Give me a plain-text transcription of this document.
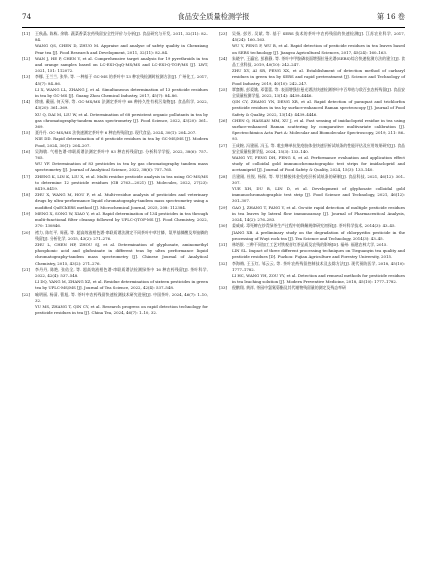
74	食品安全质量检测学报	第 16 卷
[11] 王秋晶, 陈栋, 余敏. 蔬菜香菜农药残留安全性评价与分析[J]. 食品研究与开发, 2011, 32(11): 82–84.
WANG QS, CHEN D, ZHUO M. Appraise and analyse of safety quality in Chenxiang Pear tea [J]. Food Research and Development, 2011, 32(11): 82–84.
[12] WAN J, HE P, CHEN Y, et al. Comprehensive target analysis for 19 pyrethroids in tea and orange samples based on LC-ESI-QqQ-MS/MS and LC-ESI-Q-TOF/MS [J]. LWT, 2021, 151: 112072.
[13] 李娜, 王兰兰, 张华, 等. 一种基于 GC-MS 的茶叶中 13 种农残检测时检测方法[J]. 广州化工, 2017, 45(7): 84–86.
LI X, WANG LL, ZHANG J, et al. Simultaneous determination of 13 pesticide residues in tea by GC-MS [J]. Guang Zhou Chemical Industry, 2017, 45(7): 84–86.
[14] 徐康, 戴丽, 何天琴, 等. GC-MS/MS 法测定茶叶中 68 种持久性有机污染物[J]. 食品科学, 2022, 43(20): 361–369.
XU Q, DAI M, LIU W, et al. Determination of 68 persistent organic pollutants in tea by gas chromatography-tandem mass spectrometry [J]. Food Science, 2022, 43(20): 361–369.
[15] 聂丹丹. GC-MS/MS 法快速测定茶叶中 6 种农药残留[J]. 现代食品, 2024, 30(1): 204–207.
NIE DD. Rapid determination of 6 pesticide residues in tea by GC-MS/MS [J]. Modern Food, 2024, 30(1): 204–207.
[16] 吴海敏. 气相色谱-串联质谱法测定茶叶中 83 种农药残留[J]. 分析科学学报, 2022, 38(6): 757–765.
WU YF. Determination of 83 pesticides in tea by gas chromatography tandem mass spectrometry [J]. Journal of Analytical Science, 2022, 38(6): 757–765.
[17] ZHENG K, LIN K, LIU X, et al. Multi residue pesticide analysis in tea using GC-MS/MS to determine 12 pesticide residues (GB 2763—2021) [J]. Molecules, 2022, 27(23): 8419–8419.
[18] ZHU X, WANG M, HOU F, et al. Multi-residue analysis of pesticides and veterinary drugs by ultra-performance liquid chromatography-tandem mass spectrometry using a modified QuEChERS method [J]. Microchemical Journal, 2025, 208: 112384.
[19] MENG X, SONG W, XIAO Y, et al. Rapid determination of 134 pesticides in tea through multi-functional filter cleanup followed by UPLC-QTOF-MS [J]. Food Chemistry, 2022, 370: 130846.
[20] 褚力, 陈红平, 周燕, 等. 超高效液相色谱-串联质谱法测定不同茶叶中草甘膦、氨甲基膦酸及草铵膦的残留[J]. 分析化学, 2015, 43(2): 271–276.
ZHU L, CHEN HP, ZHOU SJ, et al. Determination of glyphosate, aminomethyl phosphonic acid and glufosinate in different teas by ultra performance liquid chromatography-tandem mass spectrometry [J]. Chinese Journal of Analytical Chemistry, 2015, 43(2): 271–276.
[21] 李丹丹, 陈艳, 张佑全, 等. 超高效液相色谱-串联质谱法检测绿茶中 16 种农药残留[J]. 茶叶科学, 2022, 42(4): 537–548.
LI DQ, YANG M, ZHANG XZ, et al. Residue determination of sixteen pesticides in green tea by UPLC-MS/MS [J]. Journal of Tea Science, 2022, 42(4): 537–548.
[22] 喻明丽, 杨清, 曹旭, 等. 茶叶中农药残留快速检测技术研究进展[J]. 中国茶叶, 2024, 46(7): 1–10, 32.
YU MS, ZHANG T, QIN CY, et al. Research progress on rapid detection technology for pesticide residues in tea [J]. China Tea, 2024, 46(7): 1–10, 32.
[23] 吴扬, 彭芳, 吴斌, 等. 基于 SERS 技术的茶叶中农药残留的快速检测[J]. 江苏农业科学, 2017, 45(24): 160–163.
WU Y, PENG F, WU B, et al. Rapid detection of pesticide residues in tea leaves based on SERS technology [J]. Jiangsu Agricultural Sciences, 2017, 45(24): 160–163.
[24] 朱晓宇, 王瀛宏, 彭雅静, 等. 茶叶中甲胺磷表面增强拉曼光谱(SERS)综合快速检测方法的建立[J]. 食品工业科技, 2019, 40(10): 242–247.
ZHU XY, AI SR, PENG XX, et al. Establishment of detection method of carbaryl residues in green tea by SERS and rapid pretreatment [J]. Science and Technology of Food Industry, 2019, 40(10): 242–247.
[25] 覃寰衡, 彭爱娥, 邓蕾蕾, 等. 表面增强拉曼光谱法快速检测茶叶中百草枯与敌百虫农药残留[J]. 食品安全质量检测学报, 2022, 13(14): 4439–4446.
QIN CY, ZHANG YN, DENG XR, et al. Rapid detection of paraquat and trichlorfon pesticide residues in tea by surface-enhanced Raman spectroscopy [J]. Journal of Food Safety & Quality, 2022, 13(14): 4439–4446.
[26] CHEN Q, HASSAN MM, XU J, et al. Fast sensing of imidacloprid residue in tea using surface-enhanced Raman scattering by comparative multivariate calibration [J]. Spectrochimica Acta Part A: Molecular and Biomolecular Spectroscopy, 2019, 211: 86–93.
[27] 王成婉, 冯建丽, 冯玉, 等. 吡虫啉单抗免疫胶体金快速层析试纸条的性能评估及应用效果研究[J]. 食品安全质量检测学报, 2024, 15(3): 133–140.
WANG YT, FENG DH, FENG S, et al. Performance evaluation and application effect study of colloidal gold immunochromatographic test strips for imidacloprid and acetamiprid [J]. Journal of Food Safety & Quality, 2024, 15(3): 133–140.
[28] 岳建刚, 杜锐, 杨保, 等. 草甘膦胶体金免疫层析试纸条的研制[J]. 食品科技, 2021, 46(12): 301–307.
YUE XH, DU B, LIN D, et al. Development of glyphosate colloidal gold immunochromatographic test strip [J]. Food Science and Technology, 2021, 46(12): 301–307.
[29] GAO J, ZHANG T, FANG Y, et al. On-site rapid detection of multiple pesticide residues in tea leaves by lateral flow immunoassay [J]. Journal of Pharmaceutical Analysis, 2024, 14(2): 276–283.
[30] 姜威威. 毒死蜱在炒青绿茶生产过程中的降解规律研究初探[J]. 茶叶科学技术, 2014(3): 43–45.
JIANG XB. A preliminary study on the degradation of chlorpyrifos pesticide in the processing of Wuyi rock tea [J]. Tea Science and Technology, 2014(3): 43–45.
[31] 林培银. 三种不同加工工艺对铁观音红茶品质及农残的影响[D]. 福州: 福建农林大学, 2015.
LIN SL. Impact of three different processing techniques on Tieguanyin tea quality and pesticide residues [D]. Fuzhou: Fujian Agriculture and Forestry University, 2015.
[32] 李海梅, 王玉红, 邹云云, 等. 茶叶农药残留控制技术及去除方法[J]. 现代预防医学, 2018, 45(10): 1777–1782.
LI HC, WANG YH, ZOU YY, et al. Detection and removal methods for pesticide residues in tea leaching solution [J]. Modern Preventive Medicine, 2018, 45(10): 1777–1782.
[33] 倪鹏翔, 黄祥, 茶园中氯氰菊酯及其代谢物残留量的测定及残态率研
